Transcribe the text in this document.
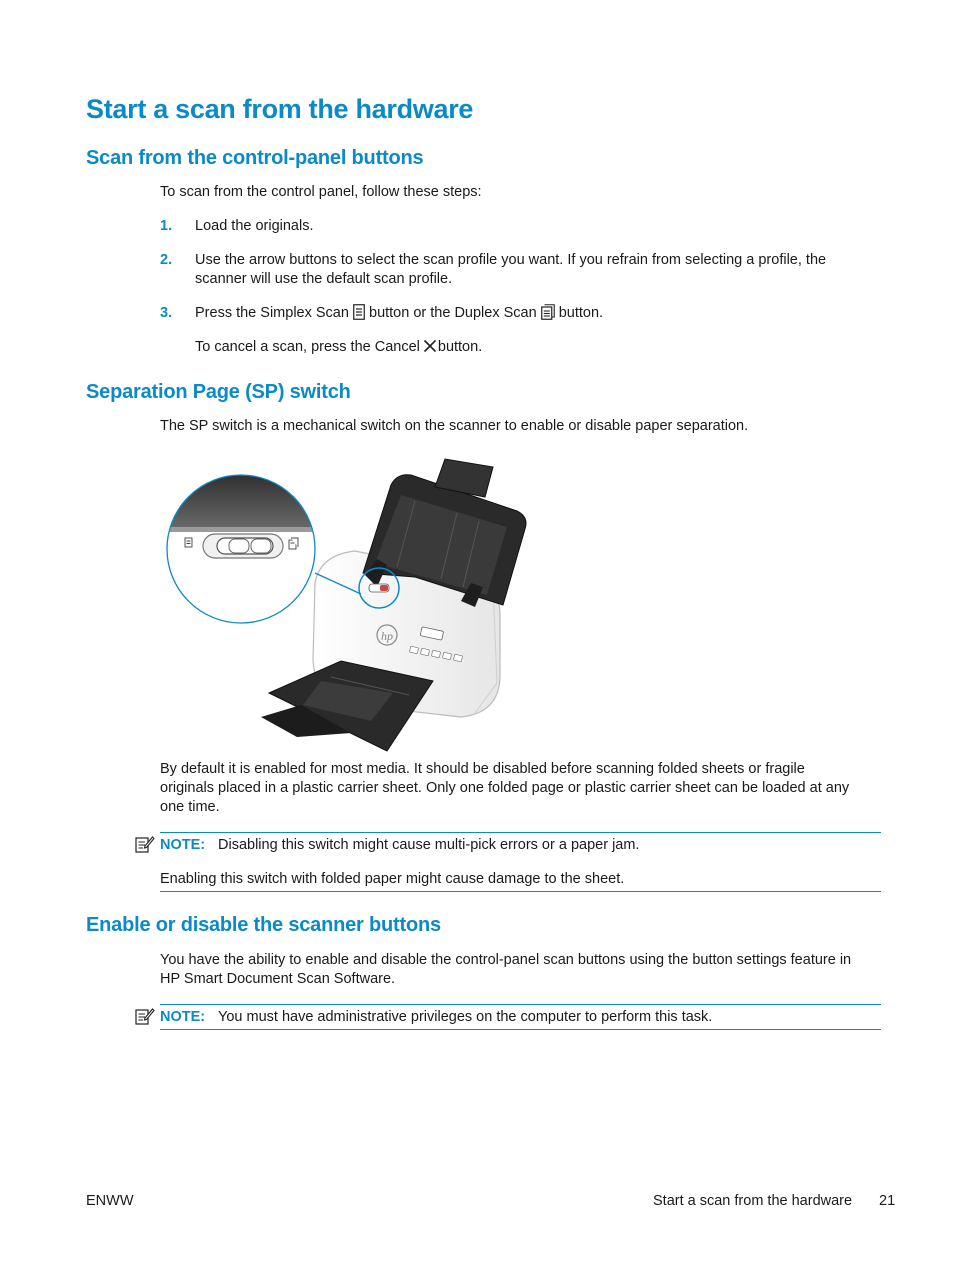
Start a scan from the hardware
Scan from the control-panel buttons

To scan from the control panel, follow these steps:

1. Load the originals.

2. Use the arrow buttons to select the scan profile you want. If you refrain from selecting a profile, the

scanner will use the default scan profile.

3. Press the Simplex Scan button or the Duplex Scan button.

To cancel a scan, press the Cancel button.

Separation Page (SP) switch

The SP switch is a mechanical switch on the scanner to enable or disable paper separation.

hp

By default it is enabled for most media. It should be disabled before scanning folded sheets or fragile

originals placed in a plastic carrier sheet. Only one folded page or plastic carrier sheet can be loaded at any

one time.

NOTE: Disabling this switch might cause multi-pick errors or a paper jam.

Enabling this switch with folded paper might cause damage to the sheet.

Enable or disable the scanner buttons

You have the ability to enable and disable the control-panel scan buttons using the button settings feature in

HP Smart Document Scan Software.

NOTE: You must have administrative privileges on the computer to perform this task.

ENWW	Start a scan from the hardware 21
